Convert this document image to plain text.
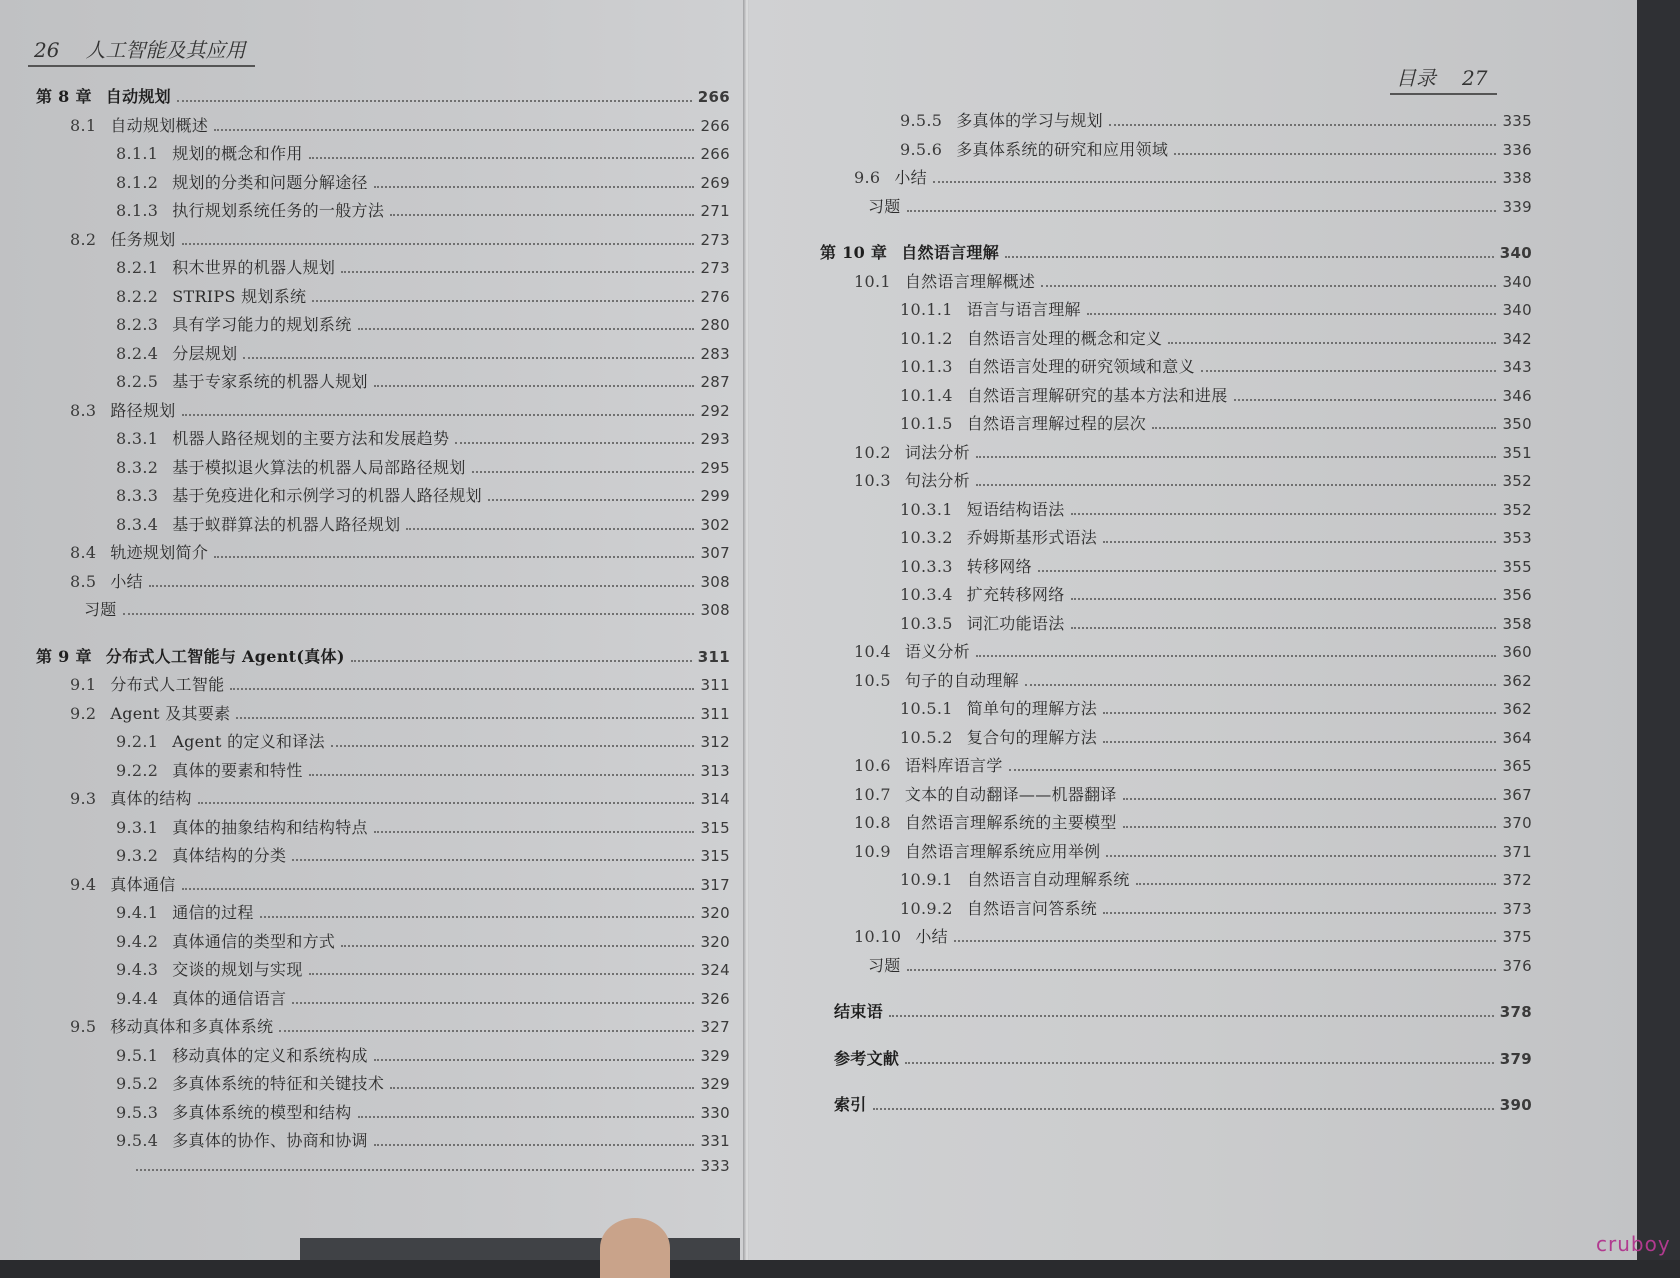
26 人工智能及其应用
第 8 章 自动规划	266
8.1 自动规划概述	266
8.1.1 规划的概念和作用	266
8.1.2 规划的分类和问题分解途径	269
8.1.3 执行规划系统任务的一般方法	271
8.2 任务规划	273
8.2.1 积木世界的机器人规划	273
8.2.2 STRIPS 规划系统	276
8.2.3 具有学习能力的规划系统	280
8.2.4 分层规划	283
8.2.5 基于专家系统的机器人规划	287
8.3 路径规划	292
8.3.1 机器人路径规划的主要方法和发展趋势	293
8.3.2 基于模拟退火算法的机器人局部路径规划	295
8.3.3 基于免疫进化和示例学习的机器人路径规划	299
8.3.4 基于蚁群算法的机器人路径规划	302
8.4 轨迹规划简介	307
8.5 小结	308
习题	308
第 9 章 分布式人工智能与 Agent(真体)	311
9.1 分布式人工智能	311
9.2 Agent 及其要素	311
9.2.1 Agent 的定义和译法	312
9.2.2 真体的要素和特性	313
9.3 真体的结构	314
9.3.1 真体的抽象结构和结构特点	315
9.3.2 真体结构的分类	315
9.4 真体通信	317
9.4.1 通信的过程	320
9.4.2 真体通信的类型和方式	320
9.4.3 交谈的规划与实现	324
9.4.4 真体的通信语言	326
9.5 移动真体和多真体系统	327
9.5.1 移动真体的定义和系统构成	329
9.5.2 多真体系统的特征和关键技术	329
9.5.3 多真体系统的模型和结构	330
9.5.4 多真体的协作、协商和协调	331
333
目录 27
9.5.5 多真体的学习与规划	335
9.5.6 多真体系统的研究和应用领域	336
9.6 小结	338
习题	339
第 10 章 自然语言理解	340
10.1 自然语言理解概述	340
10.1.1 语言与语言理解	340
10.1.2 自然语言处理的概念和定义	342
10.1.3 自然语言处理的研究领域和意义	343
10.1.4 自然语言理解研究的基本方法和进展	346
10.1.5 自然语言理解过程的层次	350
10.2 词法分析	351
10.3 句法分析	352
10.3.1 短语结构语法	352
10.3.2 乔姆斯基形式语法	353
10.3.3 转移网络	355
10.3.4 扩充转移网络	356
10.3.5 词汇功能语法	358
10.4 语义分析	360
10.5 句子的自动理解	362
10.5.1 简单句的理解方法	362
10.5.2 复合句的理解方法	364
10.6 语料库语言学	365
10.7 文本的自动翻译——机器翻译	367
10.8 自然语言理解系统的主要模型	370
10.9 自然语言理解系统应用举例	371
10.9.1 自然语言自动理解系统	372
10.9.2 自然语言问答系统	373
10.10 小结	375
习题	376
结束语	378
参考文献	379
索引	390
cruboy
